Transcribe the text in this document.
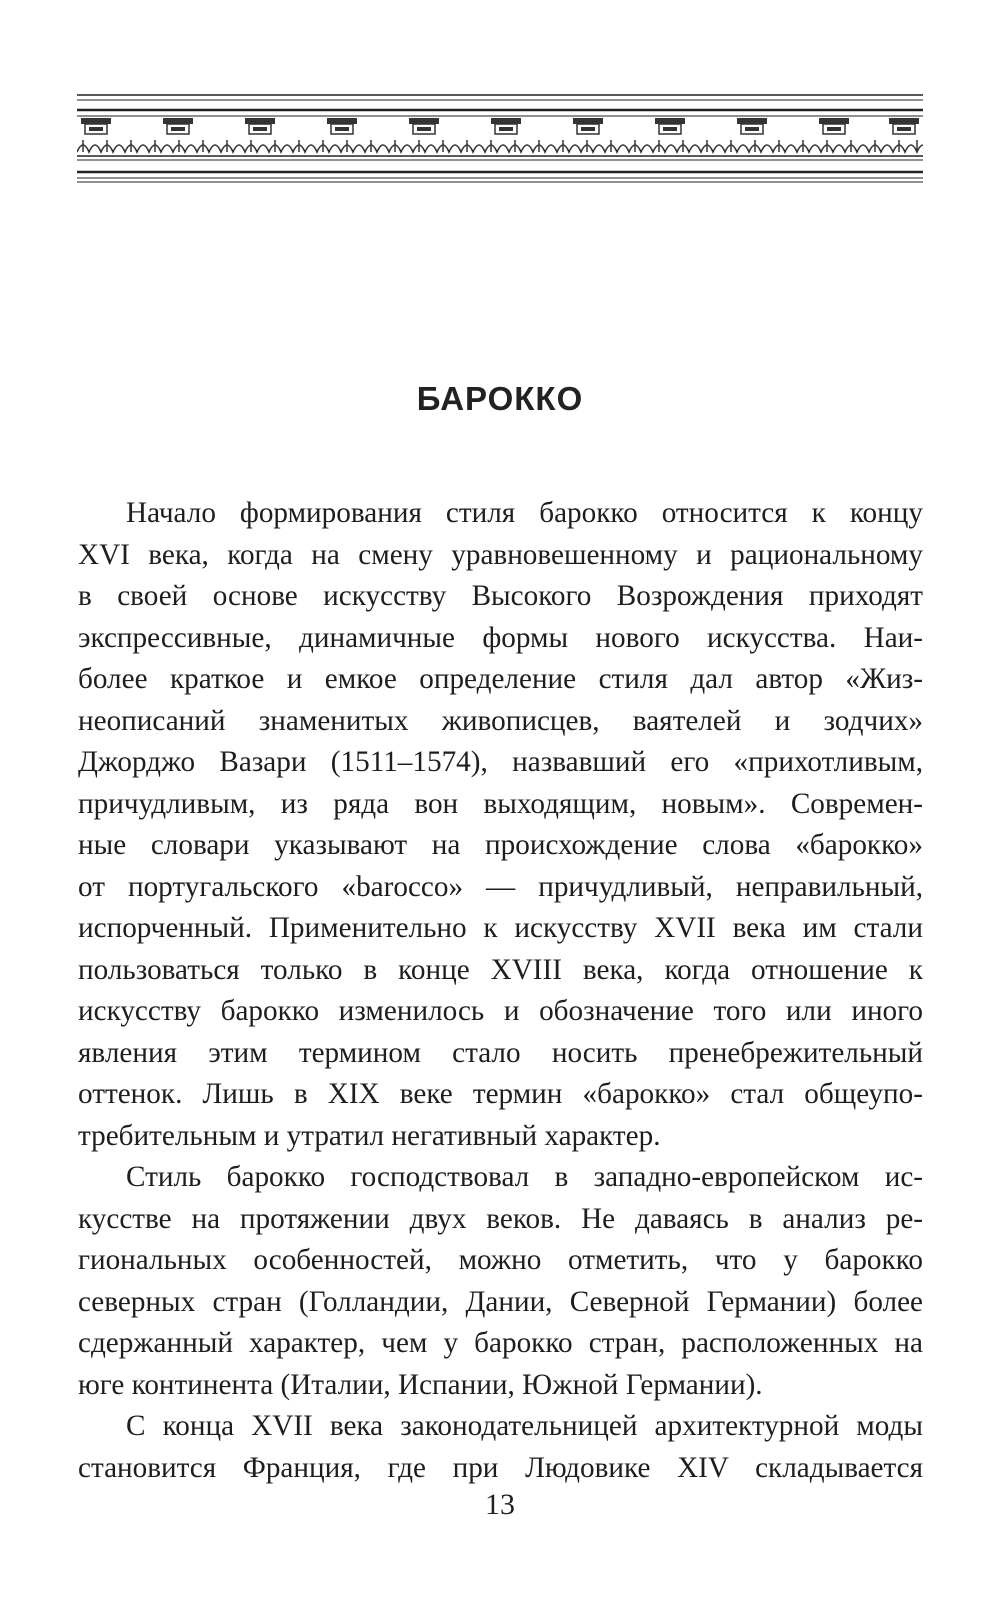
БАРОККО
Начало формирования стиля барокко относится к концу
XVI века, когда на смену уравновешенному и рациональному
в своей основе искусству Высокого Возрождения приходят
экспрессивные, динамичные формы нового искусства. Наи-
более краткое и емкое определение стиля дал автор «Жиз-
неописаний знаменитых живописцев, ваятелей и зодчих»
Джорджо Вазари (1511–1574), назвавший его «прихотливым,
причудливым, из ряда вон выходящим, новым». Современ-
ные словари указывают на происхождение слова «барокко»
от португальского «barocco» — причудливый, неправильный,
испорченный. Применительно к искусству XVII века им стали
пользоваться только в конце XVIII века, когда отношение к
искусству барокко изменилось и обозначение того или иного
явления этим термином стало носить пренебрежительный
оттенок. Лишь в XIX веке термин «барокко» стал общеупо-
требительным и утратил негативный характер.
Стиль барокко господствовал в западно-европейском ис-
кусстве на протяжении двух веков. Не даваясь в анализ ре-
гиональных особенностей, можно отметить, что у барокко
северных стран (Голландии, Дании, Северной Германии) более
сдержанный характер, чем у барокко стран, расположенных на
юге континента (Италии, Испании, Южной Германии).
С конца XVII века законодательницей архитектурной моды
становится Франция, где при Людовике XIV складывается
13
